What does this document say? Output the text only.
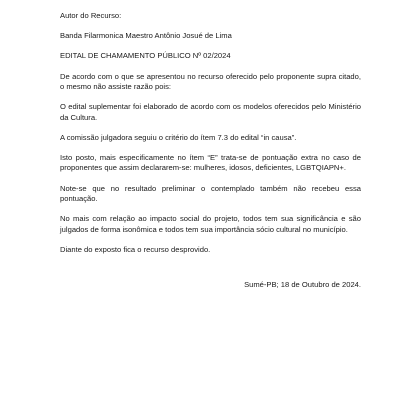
Autor do Recurso:

Banda Filarmonica Maestro Antônio Josué de Lima

EDITAL DE CHAMAMENTO PÚBLICO Nº 02/2024

De acordo com o que se apresentou no recurso oferecido pelo proponente supra citado, o mesmo não assiste razão pois:

O edital suplementar foi elaborado de acordo com os modelos oferecidos pelo Ministério da Cultura.

A comissão julgadora seguiu o critério do ítem 7.3 do edital “in causa”.

Isto posto, mais especificamente no ítem “E” trata-se de pontuação extra no caso de proponentes que assim declararem-se: mulheres, idosos, deficientes, LGBTQIAPN+.

Note-se que no resultado preliminar o contemplado também não recebeu essa pontuação.

No mais com relação ao impacto social do projeto, todos tem sua significância e são julgados de forma isonômica e todos tem sua importância sócio cultural no município.

Diante do exposto fica o recurso desprovido.

Sumé-PB; 18 de Outubro de 2024.
